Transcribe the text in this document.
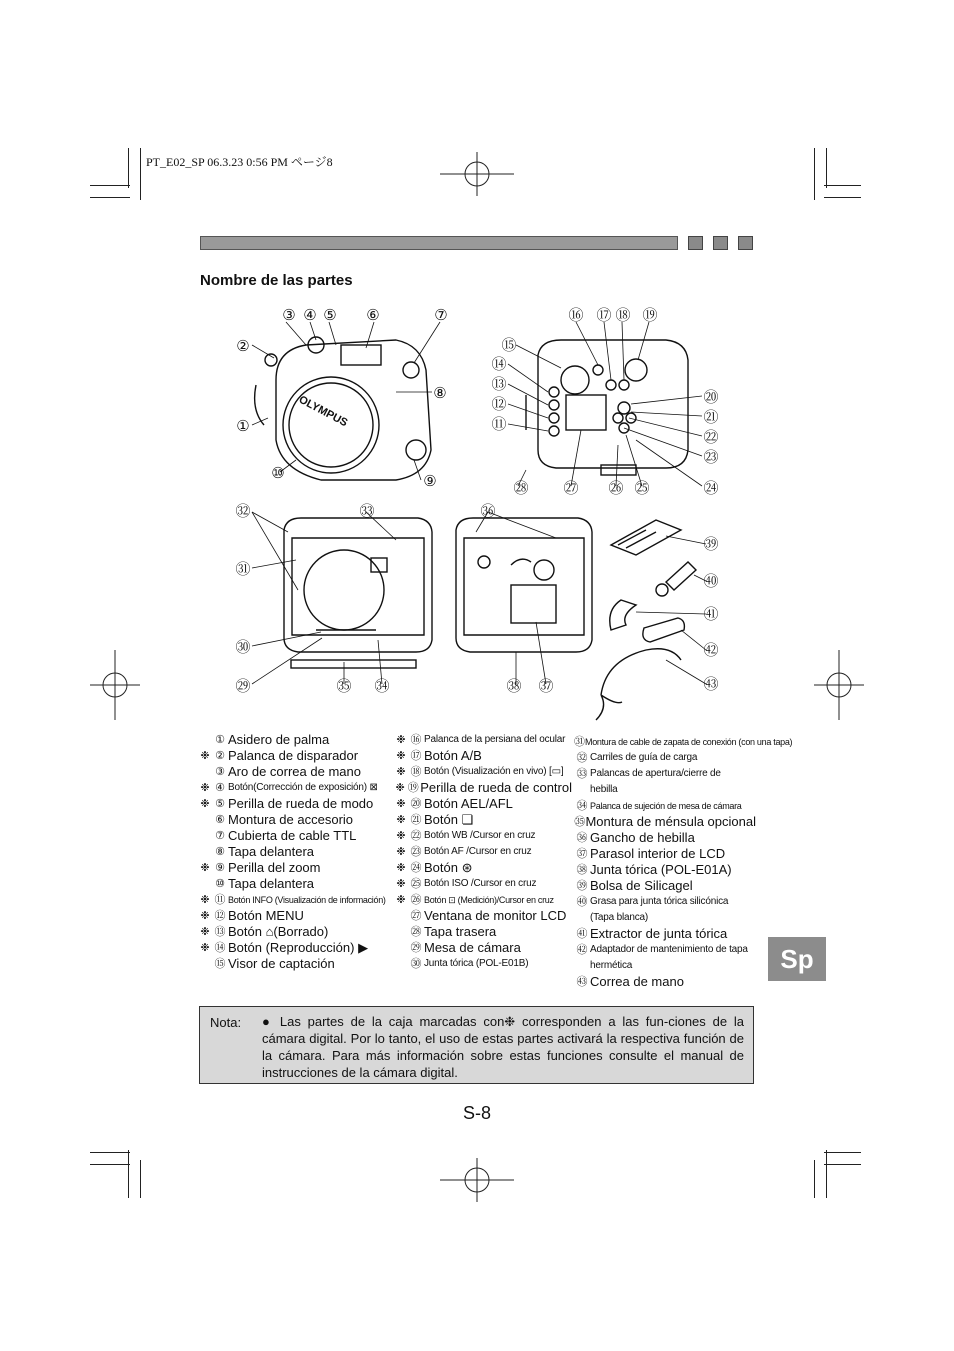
PT_E02_SP 06.3.23 0:56 PM ページ8
Nombre de las partes
OLYMPUS
②
①
③ ④ ⑤ ⑥	⑦
⑧
⑨
⑩
⑮
⑭
⑬
⑫
⑪
⑯ ⑰ ⑱ ⑲
⑳
㉑
㉒
㉓
㉔
㉘ ㉗ ㉖ ㉕
㉜	㉝
㉛
㉚
㉙	㉟ ㉞
㊱
㊳ ㊲
㊴
㊵
㊶
㊷
㊸
① Asidero de palma
❉ ② Palanca de disparador
③ Aro de correa de mano
❉ ④ Botón(Corrección de exposición) ⊠
❉ ⑤ Perilla de rueda de modo
⑥ Montura de accesorio
⑦ Cubierta de cable TTL
⑧ Tapa delantera
❉ ⑨ Perilla del zoom
⑩ Tapa delantera
❉ ⑪ Botón INFO (Visualización de información)
❉ ⑫ Botón MENU
❉ ⑬ Botón ⌂(Borrado)
❉ ⑭ Botón (Reproducción) ▶
⑮ Visor de captación
❉ ⑯ Palanca de la persiana del ocular
❉ ⑰ Botón A/B
❉ ⑱ Botón (Visualización en vivo) [▭]
❉ ⑲ Perilla de rueda de control
❉ ⑳ Botón AEL/AFL
❉ ㉑ Botón ❏
❉ ㉒ Botón WB /Cursor en cruz
❉ ㉓ Botón AF /Cursor en cruz
❉ ㉔ Botón ⊛
❉ ㉕ Botón ISO /Cursor en cruz
❉ ㉖ Botón ⊡ (Medición)/Cursor en cruz
㉗ Ventana de monitor LCD
㉘ Tapa trasera
㉙ Mesa de cámara
㉚ Junta tórica (POL-E01B)
㉛ Montura de cable de zapata de conexión (con una tapa)
㉜ Carriles de guía de carga
㉝ Palancas de apertura/cierre de hebilla
㉞ Palanca de sujeción de mesa de cámara
㉟ Montura de ménsula opcional
㊱ Gancho de hebilla
㊲ Parasol interior de LCD
㊳ Junta tórica (POL-E01A)
㊴ Bolsa de Silicagel
㊵ Grasa para junta tórica silicónica (Tapa blanca)
㊶ Extractor de junta tórica
㊷ Adaptador de mantenimiento de tapa hermética
㊸ Correa de mano
Nota: ● Las partes de la caja marcadas con❉ corresponden a las fun-ciones de la cámara digital. Por lo tanto, el uso de estas partes activará la respectiva función de la cámara. Para más información sobre estas funciones consulte el manual de instrucciones de la cámara digital.
S-8
Sp
